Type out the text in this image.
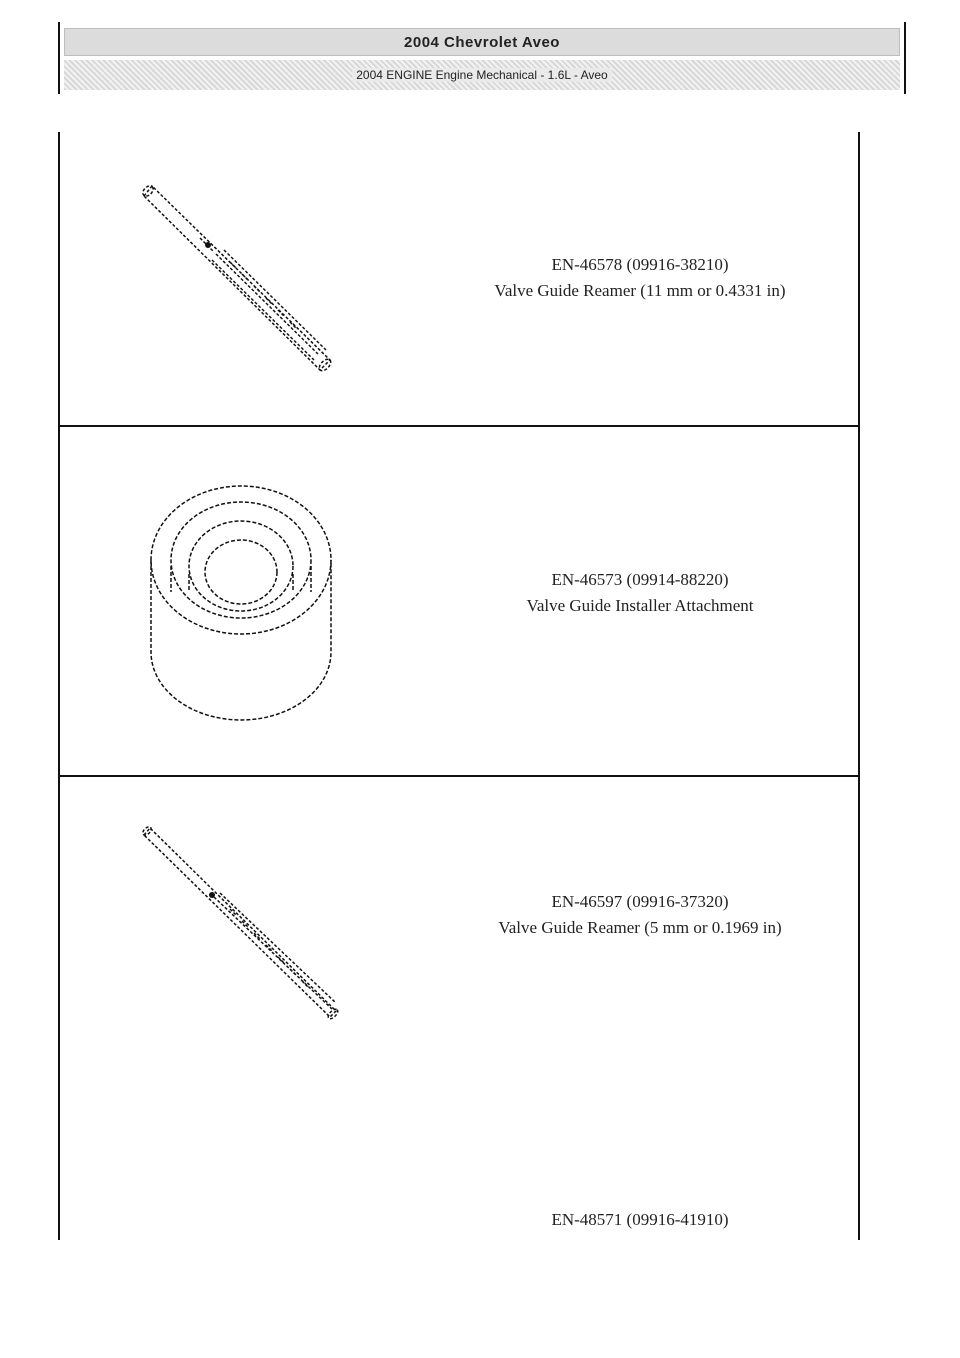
2004 Chevrolet Aveo
2004 ENGINE Engine Mechanical - 1.6L - Aveo
EN-46578 (09916-38210)
Valve Guide Reamer (11 mm or 0.4331 in)
EN-46573 (09914-88220)
Valve Guide Installer Attachment
EN-46597 (09916-37320)
Valve Guide Reamer (5 mm or 0.1969 in)
EN-48571 (09916-41910)
